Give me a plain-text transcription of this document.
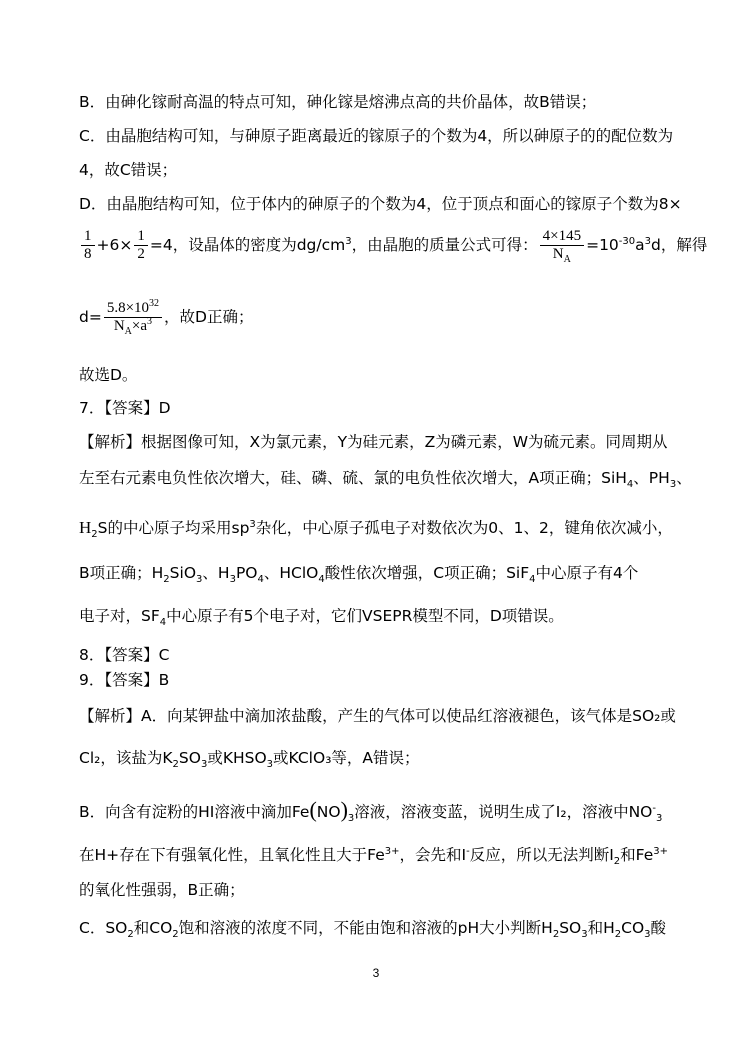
B．由砷化镓耐高温的特点可知，砷化镓是熔沸点高的共价晶体，故B错误；
C．由晶胞结构可知，与砷原子距离最近的镓原子的个数为4，所以砷原子的的配位数为
4，故C错误；
D．由晶胞结构可知，位于体内的砷原子的个数为4，位于顶点和面心的镓原子个数为8×
$\frac{1}{8} +6\times \frac{1}{2} =4$，设晶体的密度为$dg/cm^3$，由晶胞的质量公式可得： $\frac{4\times 145}{N_A} =10^{-30}a^3d$，解得
$d= \frac{5.8\times 10^{32}}{N_A\times a^3}$ ，故D正确；
故选D。
7．【答案】D
【解析】根据图像可知，X为氯元素，Y为硅元素，Z为磷元素，W为硫元素。同周期从
左至右元素电负性依次增大，硅、磷、硫、氯的电负性依次增大，A项正确；SiH$_4$、$PH_3$、
$H_2S$的中心原子均采用$sp^3$杂化，中心原子孤电子对数依次为0、1、2，键角依次减小，
B项正确；$H_2SiO_3$、$H_3PO_4$、HClO$_4$酸性依次增强，C项正确；SiF$_4$中心原子有4个
电子对，$SF_4$中心原子有5个电子对，它们VSEPR模型不同，D项错误。
8．【答案】C
9．【答案】B
【解析】A．向某钾盐中滴加浓盐酸，产生的气体可以使品红溶液褪色，该气体是SO₂或
Cl₂，该盐为$K_2SO_3$或$KHSO_3$或KClO₃等，A错误；
B．向含有淀粉的HI溶液中滴加$Fe(NO)_3$溶液，溶液变蓝，说明生成了I₂，溶液中$NO^-_3$
在H+存在下有强氧化性，且氧化性且大于$Fe^{3+}$，会先和I-反应，所以无法判断$I_2$和$Fe^{3+}$
的氧化性强弱，B正确；
C．$SO_2$和$CO_2$饱和溶液的浓度不同，不能由饱和溶液的pH大小判断$H_2SO_3$和$H_2CO_3$酸
3
